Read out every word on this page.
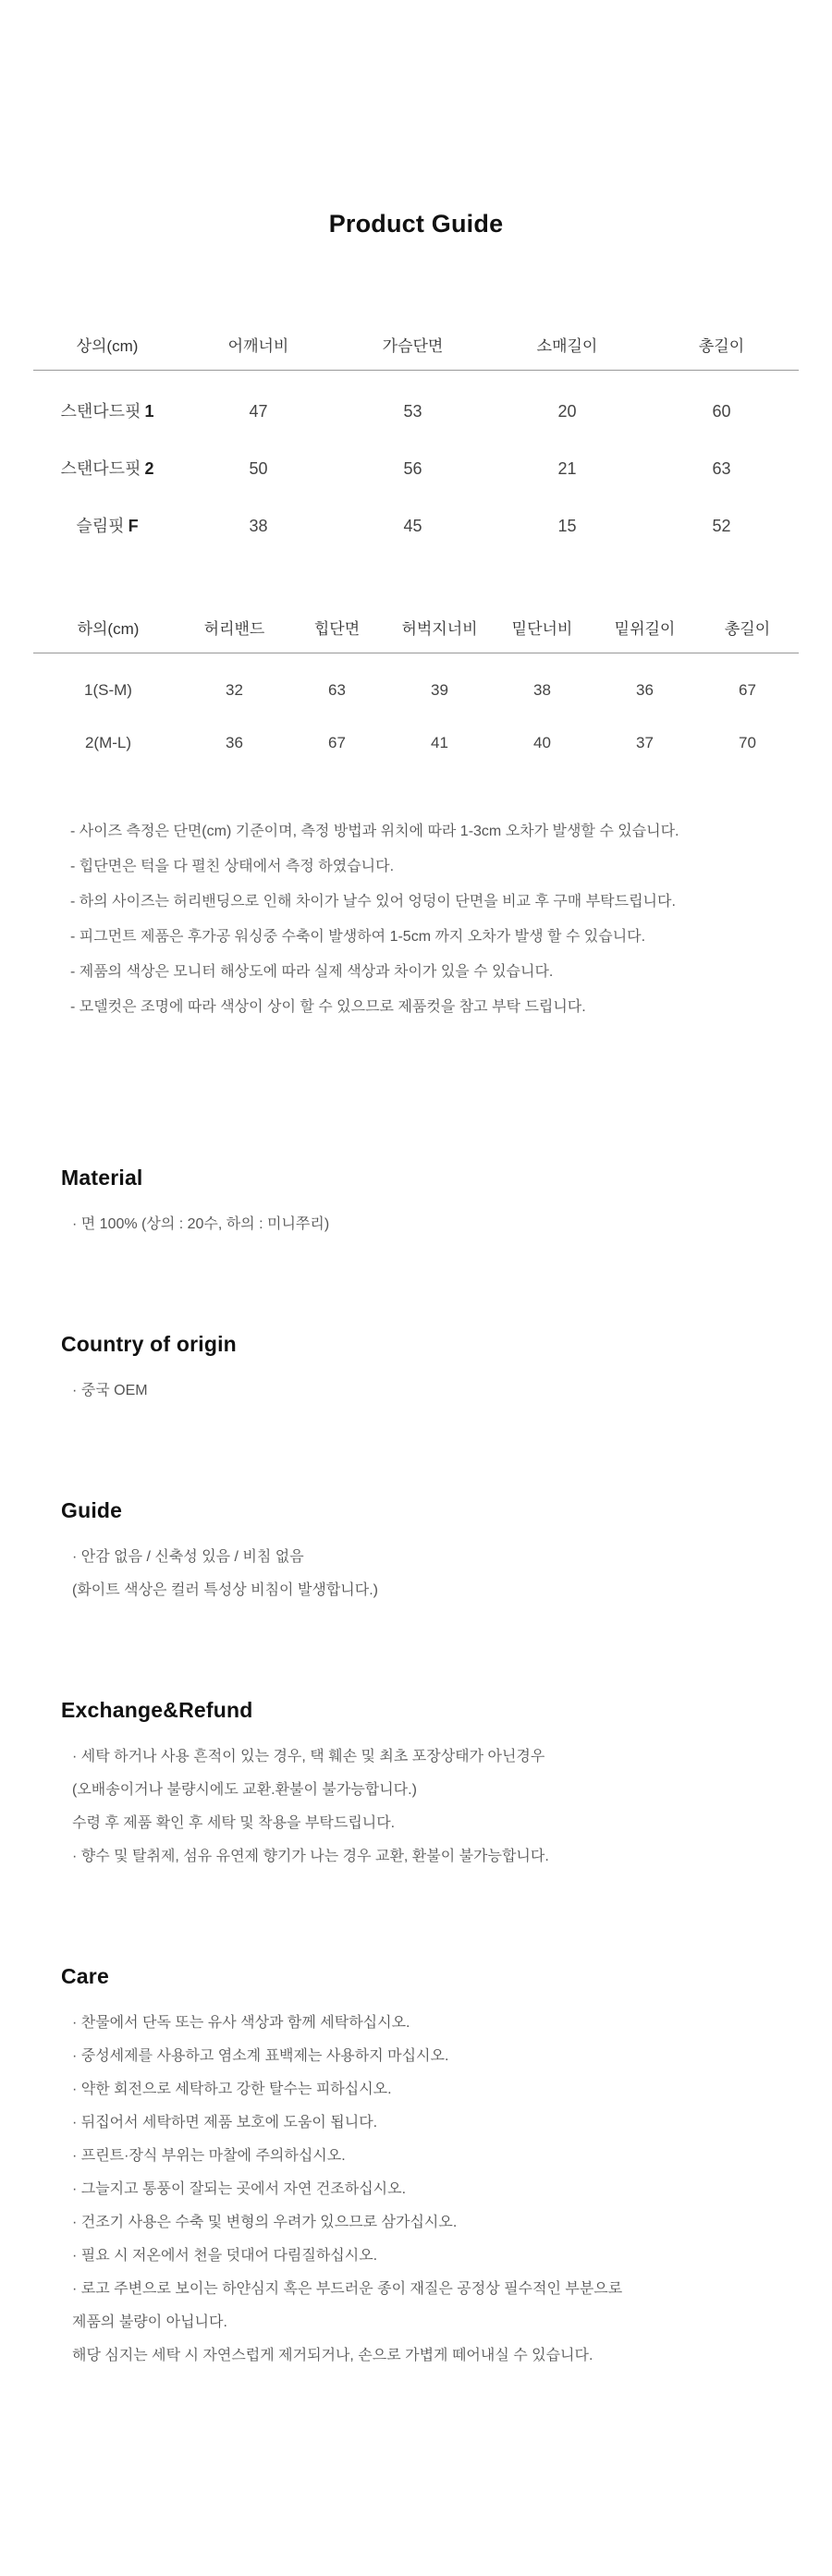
Product Guide
상의(cm)	어깨너비	가슴단면	소매길이	총길이
스탠다드핏 1	47	53	20	60
스탠다드핏 2	50	56	21	63
슬림핏 F	38	45	15	52
하의(cm)	허리밴드	힙단면	허벅지너비	밑단너비	밑위길이	총길이
1(S-M)	32	63	39	38	36	67
2(M-L)	36	67	41	40	37	70

- 사이즈 측정은 단면(cm) 기준이며, 측정 방법과 위치에 따라 1-3cm 오차가 발생할 수 있습니다.

- 힙단면은 턱을 다 펼친 상태에서 측정 하였습니다.

- 하의 사이즈는 허리밴딩으로 인해 차이가 날수 있어 엉덩이 단면을 비교 후 구매 부탁드립니다.

- 피그먼트 제품은 후가공 워싱중 수축이 발생하여 1-5cm 까지 오차가 발생 할 수 있습니다.

- 제품의 색상은 모니터 해상도에 따라 실제 색상과 차이가 있을 수 있습니다.

- 모델컷은 조명에 따라 색상이 상이 할 수 있으므로 제품컷을 참고 부탁 드립니다.

Material

· 면 100% (상의 : 20수, 하의 : 미니쭈리)

Country of origin

· 중국 OEM

Guide

· 안감 없음 / 신축성 있음 / 비침 없음

(화이트 색상은 컬러 특성상 비침이 발생합니다.)

Exchange&Refund

· 세탁 하거나 사용 흔적이 있는 경우, 택 훼손 및 최초 포장상태가 아닌경우

(오배송이거나 불량시에도 교환.환불이 불가능합니다.)

수령 후 제품 확인 후 세탁 및 착용을 부탁드립니다.

· 향수 및 탈취제, 섬유 유연제 향기가 나는 경우 교환, 환불이 불가능합니다.

Care

· 찬물에서 단독 또는 유사 색상과 함께 세탁하십시오.

· 중성세제를 사용하고 염소계 표백제는 사용하지 마십시오.

· 약한 회전으로 세탁하고 강한 탈수는 피하십시오.

· 뒤집어서 세탁하면 제품 보호에 도움이 됩니다.

· 프린트·장식 부위는 마찰에 주의하십시오.

· 그늘지고 통풍이 잘되는 곳에서 자연 건조하십시오.

· 건조기 사용은 수축 및 변형의 우려가 있으므로 삼가십시오.

· 필요 시 저온에서 천을 덧대어 다림질하십시오.

· 로고 주변으로 보이는 하얀심지 혹은 부드러운 종이 재질은 공정상 필수적인 부분으로

제품의 불량이 아닙니다.

해당 심지는 세탁 시 자연스럽게 제거되거나, 손으로 가볍게 떼어내실 수 있습니다.
